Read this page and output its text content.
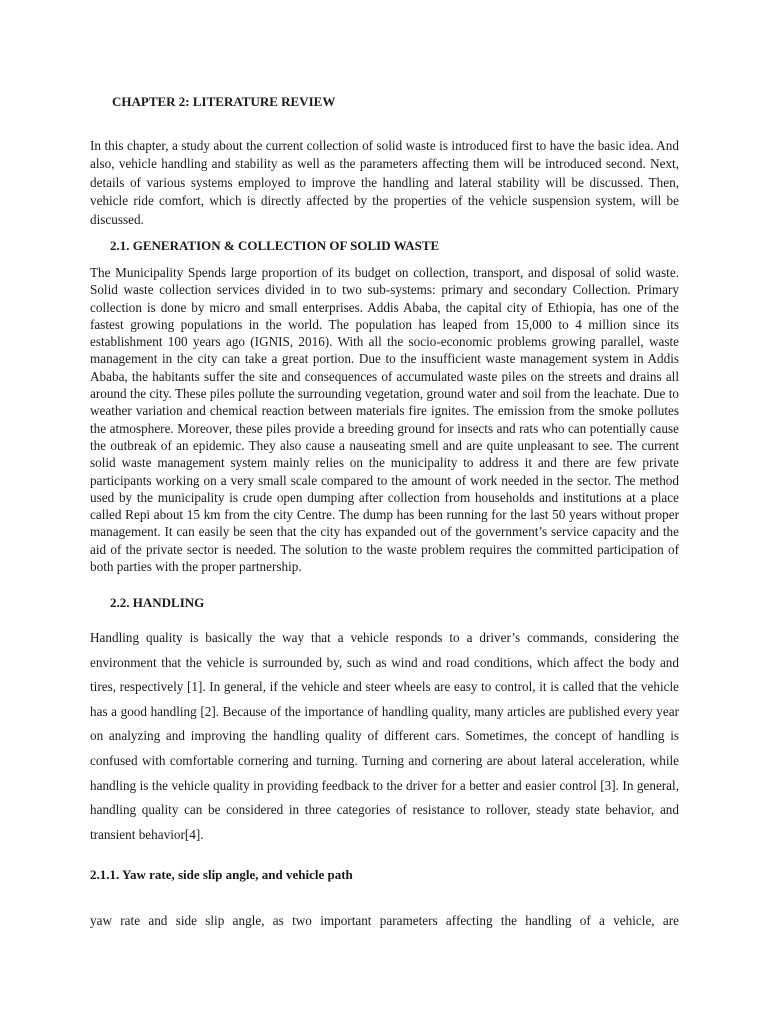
CHAPTER 2: LITERATURE REVIEW

In this chapter, a study about the current collection of solid waste is introduced first to have the basic idea. And also, vehicle handling and stability as well as the parameters affecting them will be introduced second. Next, details of various systems employed to improve the handling and lateral stability will be discussed. Then, vehicle ride comfort, which is directly affected by the properties of the vehicle suspension system, will be discussed.

2.1. GENERATION & COLLECTION OF SOLID WASTE

The Municipality Spends large proportion of its budget on collection, transport, and disposal of solid waste. Solid waste collection services divided in to two sub-systems: primary and secondary Collection. Primary collection is done by micro and small enterprises. Addis Ababa, the capital city of Ethiopia, has one of the fastest growing populations in the world. The population has leaped from 15,000 to 4 million since its establishment 100 years ago (IGNIS, 2016). With all the socio-economic problems growing parallel, waste management in the city can take a great portion. Due to the insufficient waste management system in Addis Ababa, the habitants suffer the site and consequences of accumulated waste piles on the streets and drains all around the city. These piles pollute the surrounding vegetation, ground water and soil from the leachate. Due to weather variation and chemical reaction between materials fire ignites. The emission from the smoke pollutes the atmosphere. Moreover, these piles provide a breeding ground for insects and rats who can potentially cause the outbreak of an epidemic. They also cause a nauseating smell and are quite unpleasant to see. The current solid waste management system mainly relies on the municipality to address it and there are few private participants working on a very small scale compared to the amount of work needed in the sector. The method used by the municipality is crude open dumping after collection from households and institutions at a place called Repi about 15 km from the city Centre. The dump has been running for the last 50 years without proper management. It can easily be seen that the city has expanded out of the government’s service capacity and the aid of the private sector is needed. The solution to the waste problem requires the committed participation of both parties with the proper partnership.

2.2. HANDLING

Handling quality is basically the way that a vehicle responds to a driver’s commands, considering the environment that the vehicle is surrounded by, such as wind and road conditions, which affect the body and tires, respectively [1]. In general, if the vehicle and steer wheels are easy to control, it is called that the vehicle has a good handling [2]. Because of the importance of handling quality, many articles are published every year on analyzing and improving the handling quality of different cars. Sometimes, the concept of handling is confused with comfortable cornering and turning. Turning and cornering are about lateral acceleration, while handling is the vehicle quality in providing feedback to the driver for a better and easier control [3]. In general, handling quality can be considered in three categories of resistance to rollover, steady state behavior, and transient behavior[4].

2.1.1. Yaw rate, side slip angle, and vehicle path

yaw rate and side slip angle, as two important parameters affecting the handling of a vehicle, are
